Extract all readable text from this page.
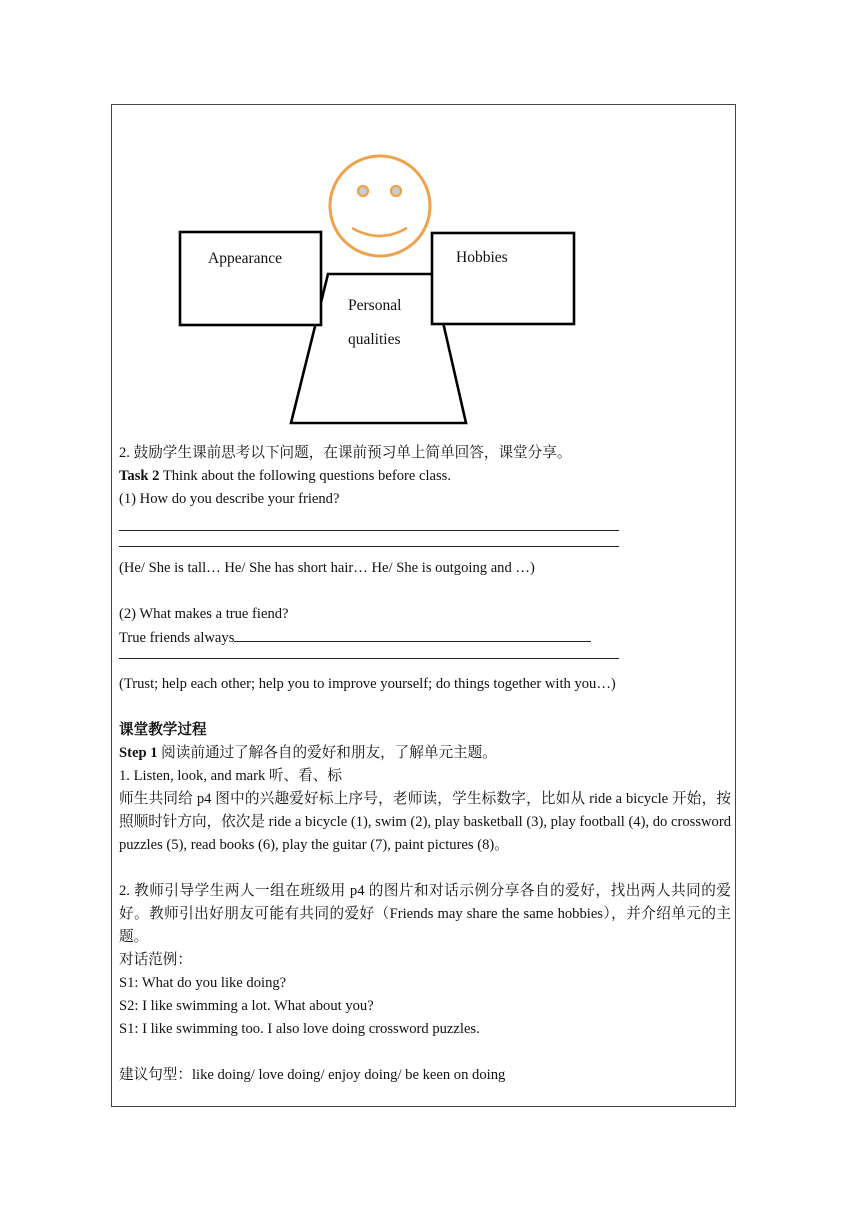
Appearance	Hobbies
Personal
qualities

2. 鼓励学生课前思考以下问题，在课前预习单上简单回答，课堂分享。

Task 2 Think about the following questions before class.

(1) How do you describe your friend?

(He/ She is tall… He/ She has short hair… He/ She is outgoing and …)

(2) What makes a true fiend?

True friends always

(Trust; help each other; help you to improve yourself; do things together with you…)

课堂教学过程

Step 1 阅读前通过了解各自的爱好和朋友，了解单元主题。

1. Listen, look, and mark 听、看、标

师生共同给 p4 图中的兴趣爱好标上序号，老师读，学生标数字，比如从 ride a bicycle 开始，按照顺时针方向，依次是 ride a bicycle (1), swim (2), play basketball (3), play football (4), do crossword puzzles (5), read books (6), play the guitar (7), paint pictures (8)。

2. 教师引导学生两人一组在班级用 p4 的图片和对话示例分享各自的爱好，找出两人共同的爱好。教师引出好朋友可能有共同的爱好（Friends may share the same hobbies），并介绍单元的主题。

对话范例：

S1: What do you like doing?

S2: I like swimming a lot. What about you?

S1: I like swimming too. I also love doing crossword puzzles.

建议句型：like doing/ love doing/ enjoy doing/ be keen on doing
